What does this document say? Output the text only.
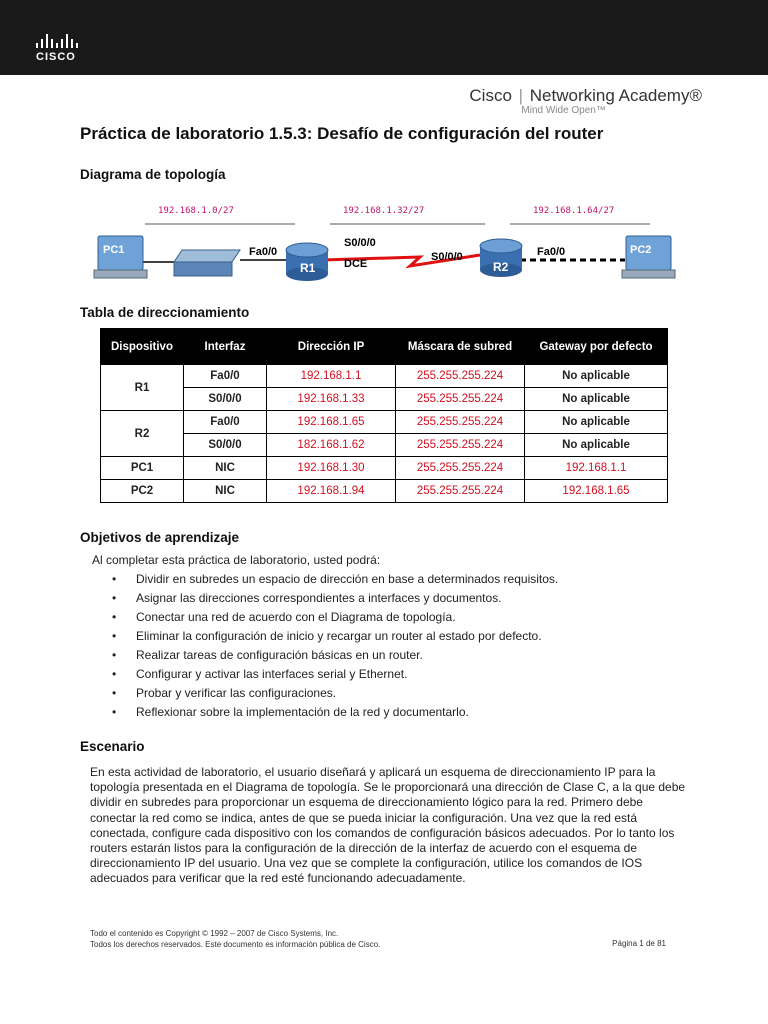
CISCO
Cisco | Networking Academy®
Mind Wide Open™
Práctica de laboratorio 1.5.3: Desafío de configuración del router
Diagrama de topología
192.168.1.0/27	192.168.1.32/27	192.168.1.64/27
PC1	Fa0/0
R1
S0/0/0
DCE
S0/0/0
R2
Fa0/0	PC2
Tabla de direccionamiento
Dispositivo	Interfaz	Dirección IP	Máscara de subred	Gateway por defecto
R1	Fa0/0	192.168.1.1	255.255.255.224	No aplicable
	S0/0/0	192.168.1.33	255.255.255.224	No aplicable
R2	Fa0/0	192.168.1.65	255.255.255.224	No aplicable
	S0/0/0	182.168.1.62	255.255.255.224	No aplicable
PC1	NIC	192.168.1.30	255.255.255.224	192.168.1.1
PC2	NIC	192.168.1.94	255.255.255.224	192.168.1.65
Objetivos de aprendizaje
Al completar esta práctica de laboratorio, usted podrá:
• Dividir en subredes un espacio de dirección en base a determinados requisitos.
• Asignar las direcciones correspondientes a interfaces y documentos.
• Conectar una red de acuerdo con el Diagrama de topología.
• Eliminar la configuración de inicio y recargar un router al estado por defecto.
• Realizar tareas de configuración básicas en un router.
• Configurar y activar las interfaces serial y Ethernet.
• Probar y verificar las configuraciones.
• Reflexionar sobre la implementación de la red y documentarlo.
Escenario

En esta actividad de laboratorio, el usuario diseñará y aplicará un esquema de direccionamiento IP para la topología presentada en el Diagrama de topología. Se le proporcionará una dirección de Clase C, a la que debe dividir en subredes para proporcionar un esquema de direccionamiento lógico para la red. Primero debe conectar la red como se indica, antes de que se pueda iniciar la configuración. Una vez que la red está conectada, configure cada dispositivo con los comandos de configuración básicos adecuados. Por lo tanto los routers estarán listos para la configuración de la dirección de la interfaz de acuerdo con el esquema de direccionamiento IP del usuario. Una vez que se complete la configuración, utilice los comandos de IOS adecuados para verificar que la red esté funcionando adecuadamente.

Todo el contenido es Copyright © 1992 – 2007 de Cisco Systems, Inc.
Todos los derechos reservados. Este documento es información pública de Cisco.	Página 1 de 81
